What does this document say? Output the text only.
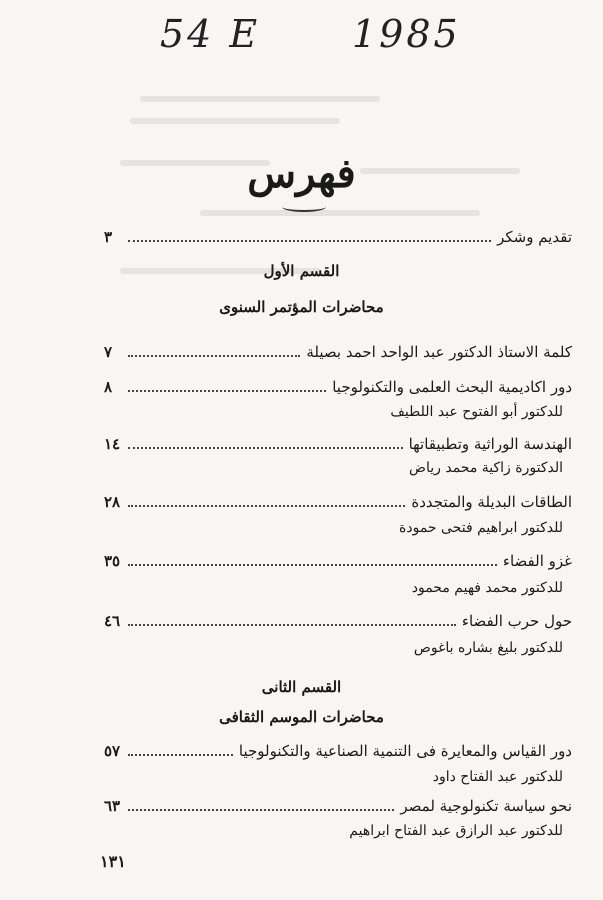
54 E 1985
فهرس
تقديم وشكر
٣
القسم الأول
محاضرات المؤتمر السنوى
كلمة الاستاذ الدكتور عبد الواحد احمد بصيلة
٧
دور اكاديمية البحث العلمى والتكنولوجيا
٨
للدكتور أبو الفتوح عبد اللطيف
الهندسة الوراثية وتطبيقاتها
١٤
الدكتورة زاكية محمد رياض
الطاقات البديلة والمتجددة
٢٨
للدكتور ابراهيم فتحى حمودة
غزو الفضاء
٣٥
للدكتور محمد فهيم محمود
حول حرب الفضاء
٤٦
للدكتور بليغ بشاره باغوص
القسم الثانى
محاضرات الموسم الثقافى
دور القياس والمعايرة فى التنمية الصناعية والتكنولوجيا
٥٧
للدكتور عبد الفتاح داود
نحو سياسة تكنولوجية لمصر
٦٣
للدكتور عبد الرازق عبد الفتاح ابراهيم
١٣١
